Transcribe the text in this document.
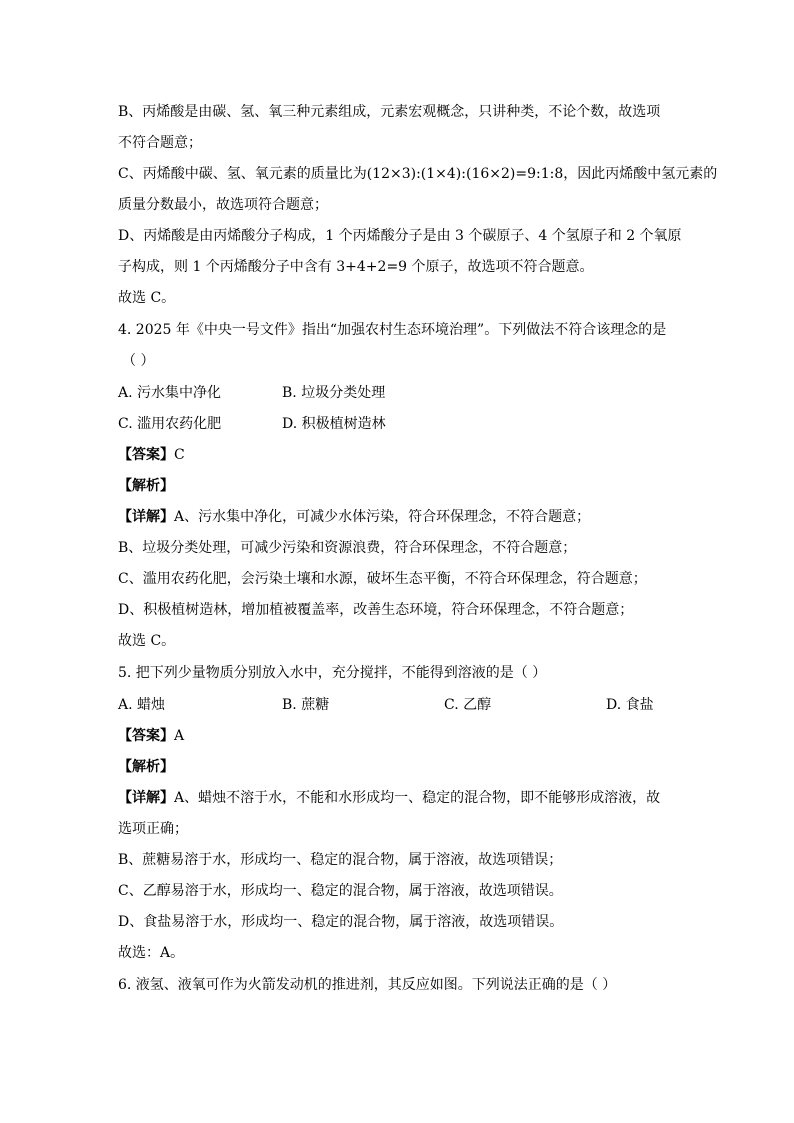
B、丙烯酸是由碳、氢、氧三种元素组成，元素宏观概念，只讲种类，不论个数，故选项
不符合题意；
C、丙烯酸中碳、氢、氧元素的质量比为(12×3):(1×4):(16×2)=9:1:8，因此丙烯酸中氢元素的
质量分数最小，故选项符合题意；
D、丙烯酸是由丙烯酸分子构成，1 个丙烯酸分子是由 3 个碳原子、4 个氢原子和 2 个氧原
子构成，则 1 个丙烯酸分子中含有 3+4+2=9 个原子，故选项不符合题意。
故选 C。
4. 2025 年《中央一号文件》指出“加强农村生态环境治理”。下列做法不符合该理念的是
（ ）
A. 污水集中净化	B. 垃圾分类处理
C. 滥用农药化肥	D. 积极植树造林
【答案】C
【解析】
【详解】A、污水集中净化，可减少水体污染，符合环保理念，不符合题意；
B、垃圾分类处理，可减少污染和资源浪费，符合环保理念，不符合题意；
C、滥用农药化肥，会污染土壤和水源，破坏生态平衡，不符合环保理念，符合题意；
D、积极植树造林，增加植被覆盖率，改善生态环境，符合环保理念，不符合题意；
故选 C。
5. 把下列少量物质分别放入水中，充分搅拌，不能得到溶液的是（ ）
A. 蜡烛	B. 蔗糖	C. 乙醇	D. 食盐
【答案】A
【解析】
【详解】A、蜡烛不溶于水，不能和水形成均一、稳定的混合物，即不能够形成溶液，故
选项正确；
B、蔗糖易溶于水，形成均一、稳定的混合物，属于溶液，故选项错误；
C、乙醇易溶于水，形成均一、稳定的混合物，属于溶液，故选项错误。
D、食盐易溶于水，形成均一、稳定的混合物，属于溶液，故选项错误。
故选：A。
6. 液氢、液氧可作为火箭发动机的推进剂，其反应如图。下列说法正确的是（ ）
